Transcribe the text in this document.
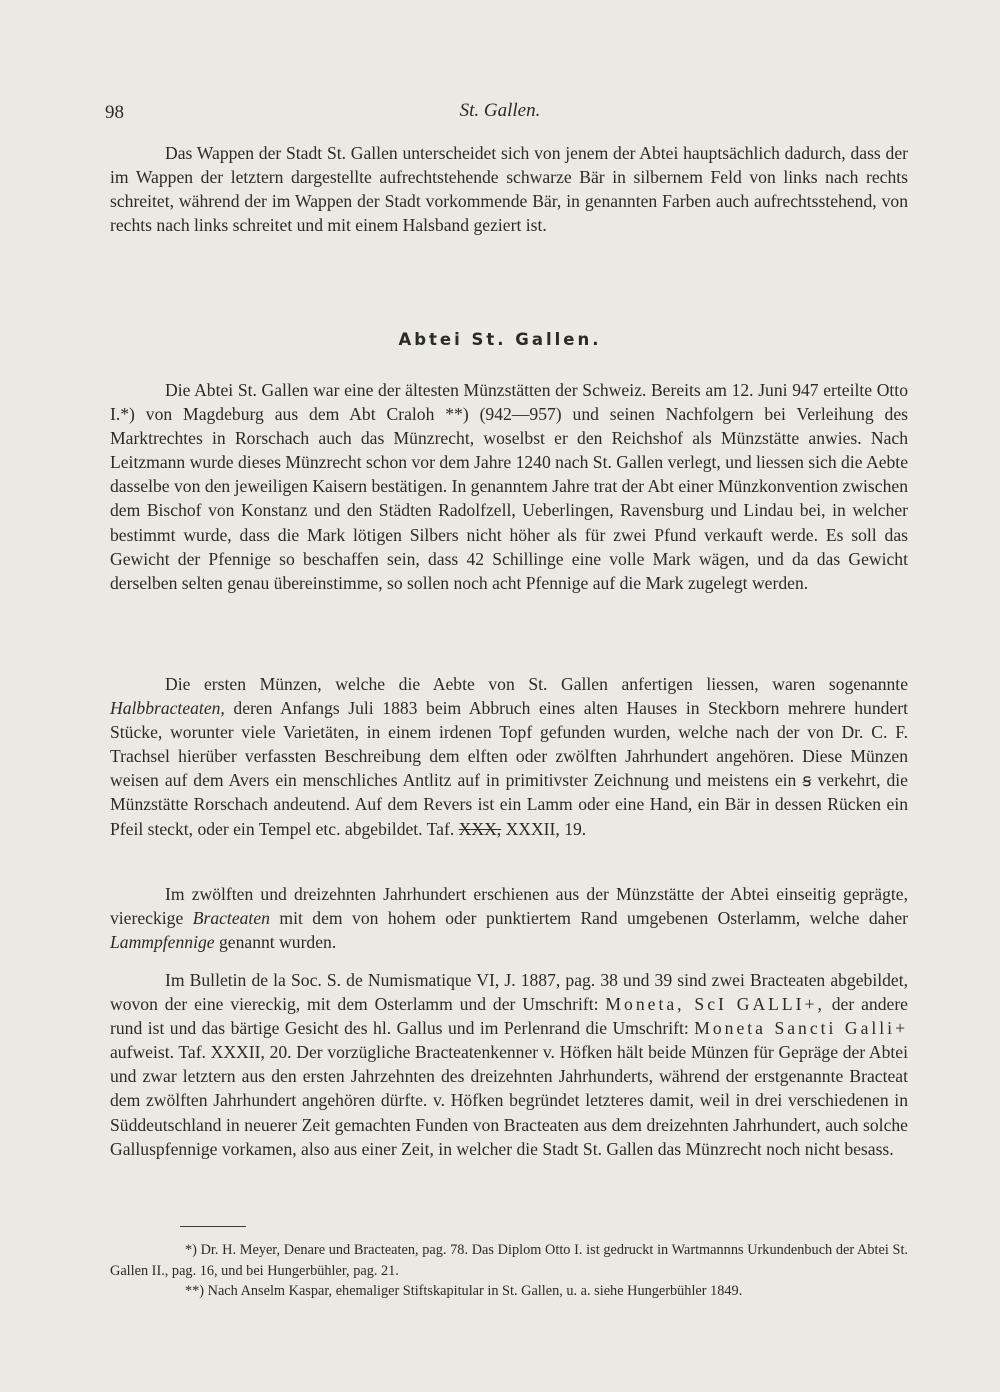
98	St. Gallen.

Das Wappen der Stadt St. Gallen unterscheidet sich von jenem der Abtei hauptsächlich dadurch, dass der im Wappen der letztern dargestellte aufrechtstehende schwarze Bär in silbernem Feld von links nach rechts schreitet, während der im Wappen der Stadt vorkommende Bär, in genannten Farben auch aufrechtsstehend, von rechts nach links schreitet und mit einem Halsband geziert ist.

Abtei St. Gallen.

Die Abtei St. Gallen war eine der ältesten Münzstätten der Schweiz. Bereits am 12. Juni 947 erteilte Otto I.*) von Magdeburg aus dem Abt Craloh **) (942—957) und seinen Nachfolgern bei Verleihung des Marktrechtes in Rorschach auch das Münzrecht, woselbst er den Reichshof als Münzstätte anwies. Nach Leitzmann wurde dieses Münzrecht schon vor dem Jahre 1240 nach St. Gallen verlegt, und liessen sich die Aebte dasselbe von den jeweiligen Kaisern bestätigen. In genanntem Jahre trat der Abt einer Münzkonvention zwischen dem Bischof von Konstanz und den Städten Radolfzell, Ueberlingen, Ravensburg und Lindau bei, in welcher bestimmt wurde, dass die Mark lötigen Silbers nicht höher als für zwei Pfund verkauft werde. Es soll das Gewicht der Pfennige so beschaffen sein, dass 42 Schillinge eine volle Mark wägen, und da das Gewicht derselben selten genau übereinstimme, so sollen noch acht Pfennige auf die Mark zugelegt werden.

Die ersten Münzen, welche die Aebte von St. Gallen anfertigen liessen, waren sogenannte Halbbracteaten, deren Anfangs Juli 1883 beim Abbruch eines alten Hauses in Steckborn mehrere hundert Stücke, worunter viele Varietäten, in einem irdenen Topf gefunden wurden, welche nach der von Dr. C. F. Trachsel hierüber verfassten Beschreibung dem elften oder zwölften Jahrhundert angehören. Diese Münzen weisen auf dem Avers ein menschliches Antlitz auf in primitivster Zeichnung und meistens ein ꞩ verkehrt, die Münzstätte Rorschach andeutend. Auf dem Revers ist ein Lamm oder eine Hand, ein Bär in dessen Rücken ein Pfeil steckt, oder ein Tempel etc. abgebildet. Taf. XXX, XXXII, 19.

Im zwölften und dreizehnten Jahrhundert erschienen aus der Münzstätte der Abtei einseitig geprägte, viereckige Bracteaten mit dem von hohem oder punktiertem Rand umgebenen Osterlamm, welche daher Lammpfennige genannt wurden.

Im Bulletin de la Soc. S. de Numismatique VI, J. 1887, pag. 38 und 39 sind zwei Bracteaten abgebildet, wovon der eine viereckig, mit dem Osterlamm und der Umschrift: Moneta, ScI GALLI+, der andere rund ist und das bärtige Gesicht des hl. Gallus und im Perlenrand die Umschrift: Moneta Sancti Galli+ aufweist. Taf. XXXII, 20. Der vorzügliche Bracteatenkenner v. Höfken hält beide Münzen für Gepräge der Abtei und zwar letztern aus den ersten Jahrzehnten des dreizehnten Jahrhunderts, während der erstgenannte Bracteat dem zwölften Jahrhundert angehören dürfte. v. Höfken begründet letzteres damit, weil in drei verschiedenen in Süddeutschland in neuerer Zeit gemachten Funden von Bracteaten aus dem dreizehnten Jahrhundert, auch solche Galluspfennige vorkamen, also aus einer Zeit, in welcher die Stadt St. Gallen das Münzrecht noch nicht besass.

*) Dr. H. Meyer, Denare und Bracteaten, pag. 78. Das Diplom Otto I. ist gedruckt in Wartmannns Urkundenbuch der Abtei St. Gallen II., pag. 16, und bei Hungerbühler, pag. 21.

**) Nach Anselm Kaspar, ehemaliger Stiftskapitular in St. Gallen, u. a. siehe Hungerbühler 1849.
